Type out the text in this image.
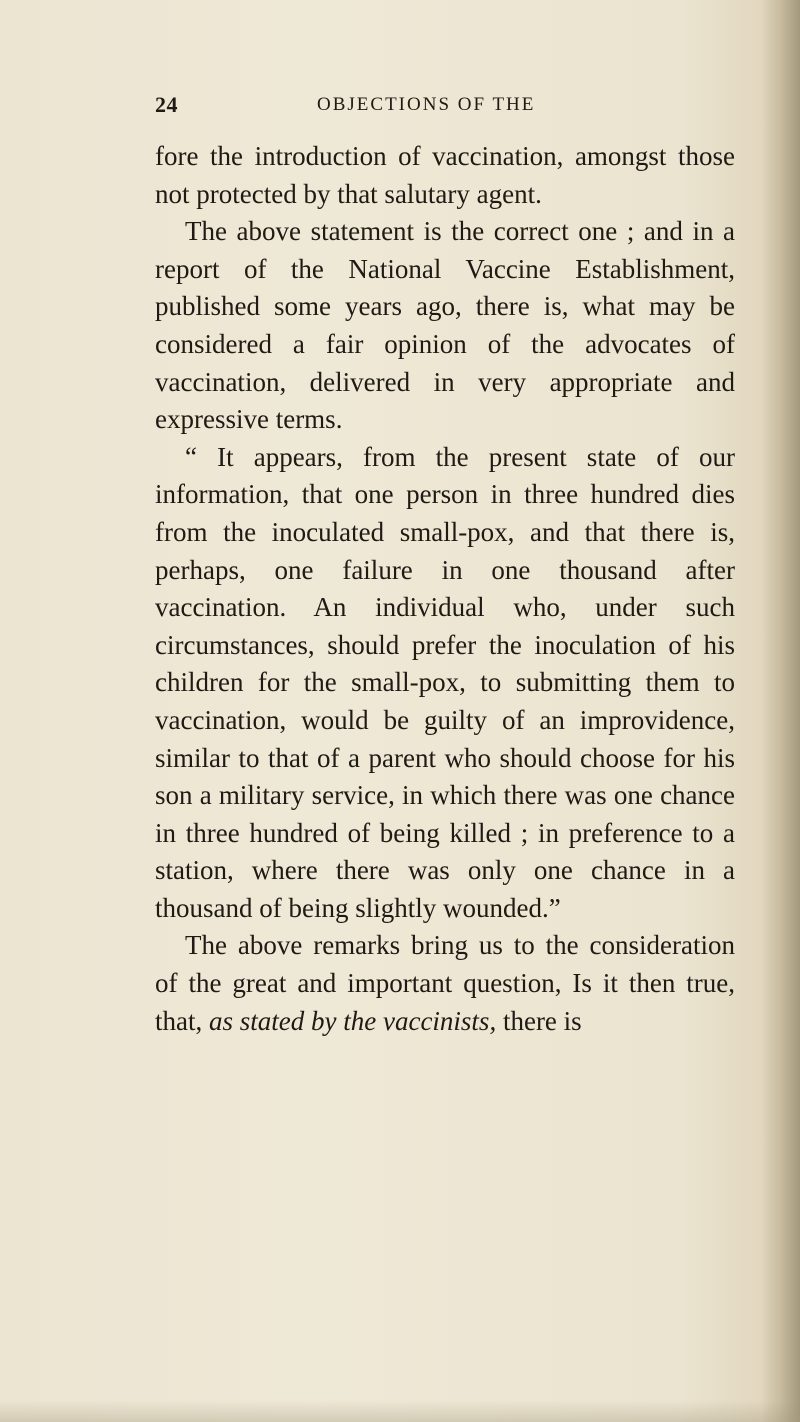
24	OBJECTIONS OF THE

fore the introduction of vaccination, amongst those not protected by that salutary agent.

The above statement is the correct one ; and in a report of the National Vaccine Establishment, published some years ago, there is, what may be considered a fair opinion of the advocates of vaccination, delivered in very appropriate and expressive terms.

“ It appears, from the present state of our information, that one person in three hundred dies from the inoculated small-pox, and that there is, perhaps, one failure in one thousand after vaccination. An individual who, under such circumstances, should prefer the inoculation of his children for the small-pox, to submitting them to vaccination, would be guilty of an improvidence, similar to that of a parent who should choose for his son a military service, in which there was one chance in three hundred of being killed ; in preference to a station, where there was only one chance in a thousand of being slightly wounded.”

The above remarks bring us to the consideration of the great and important question, Is it then true, that, as stated by the vaccinists, there is
